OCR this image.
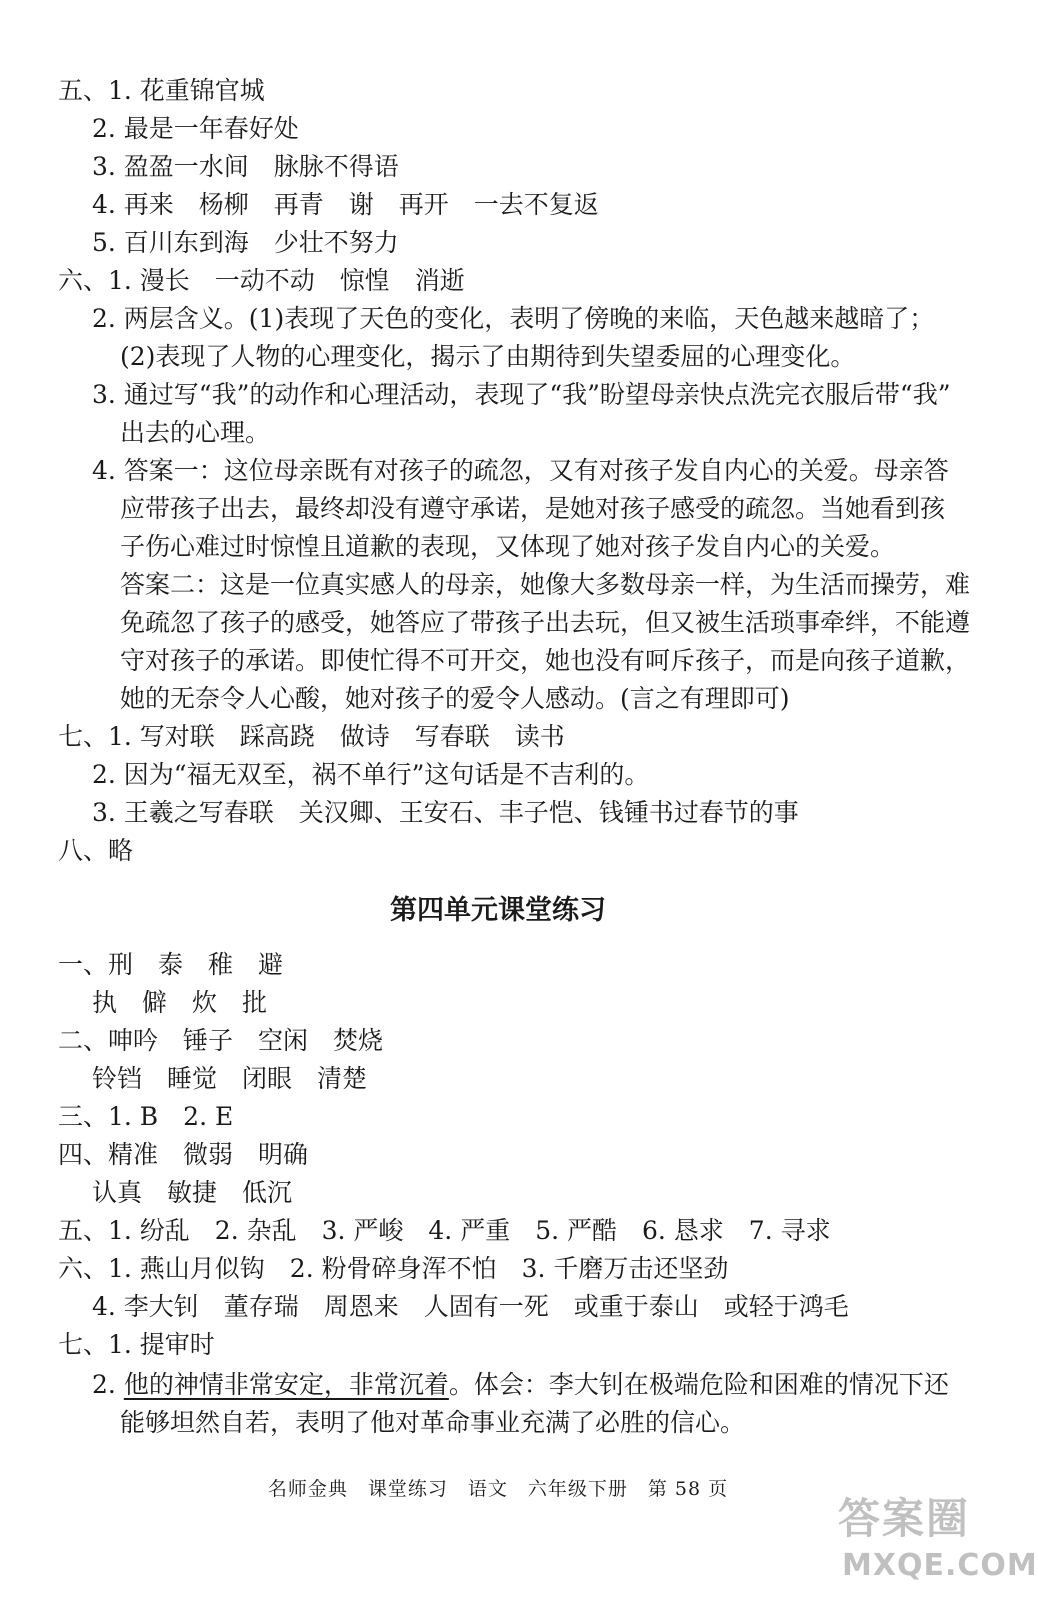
五、1. 花重锦官城
2. 最是一年春好处
3. 盈盈一水间　脉脉不得语
4. 再来　杨柳　再青　谢　再开　一去不复返
5. 百川东到海　少壮不努力
六、1. 漫长　一动不动　惊惶　消逝
2. 两层含义。(1)表现了天色的变化，表明了傍晚的来临，天色越来越暗了；
(2)表现了人物的心理变化，揭示了由期待到失望委屈的心理变化。
3. 通过写“我”的动作和心理活动，表现了“我”盼望母亲快点洗完衣服后带“我”
出去的心理。
4. 答案一：这位母亲既有对孩子的疏忽，又有对孩子发自内心的关爱。母亲答
应带孩子出去，最终却没有遵守承诺，是她对孩子感受的疏忽。当她看到孩
子伤心难过时惊惶且道歉的表现，又体现了她对孩子发自内心的关爱。
答案二：这是一位真实感人的母亲，她像大多数母亲一样，为生活而操劳，难
免疏忽了孩子的感受，她答应了带孩子出去玩，但又被生活琐事牵绊，不能遵
守对孩子的承诺。即使忙得不可开交，她也没有呵斥孩子，而是向孩子道歉，
她的无奈令人心酸，她对孩子的爱令人感动。(言之有理即可)
七、1. 写对联　踩高跷　做诗　写春联　读书
2. 因为“福无双至，祸不单行”这句话是不吉利的。
3. 王羲之写春联　关汉卿、王安石、丰子恺、钱锺书过春节的事
八、略
第四单元课堂练习
一、刑　泰　稚　避
执　僻　炊　批
二、呻吟　锤子　空闲　焚烧
铃铛　睡觉　闭眼　清楚
三、1. B　2. E
四、精准　微弱　明确
认真　敏捷　低沉
五、1. 纷乱　2. 杂乱　3. 严峻　4. 严重　5. 严酷　6. 恳求　7. 寻求
六、1. 燕山月似钩　2. 粉骨碎身浑不怕　3. 千磨万击还坚劲
4. 李大钊　董存瑞　周恩来　人固有一死　或重于泰山　或轻于鸿毛
七、1. 提审时
2. 他的神情非常安定，非常沉着。体会：李大钊在极端危险和困难的情况下还
能够坦然自若，表明了他对革命事业充满了必胜的信心。
名师金典　课堂练习　语文　六年级下册　第 58 页
答案圈
MXQE.COM
